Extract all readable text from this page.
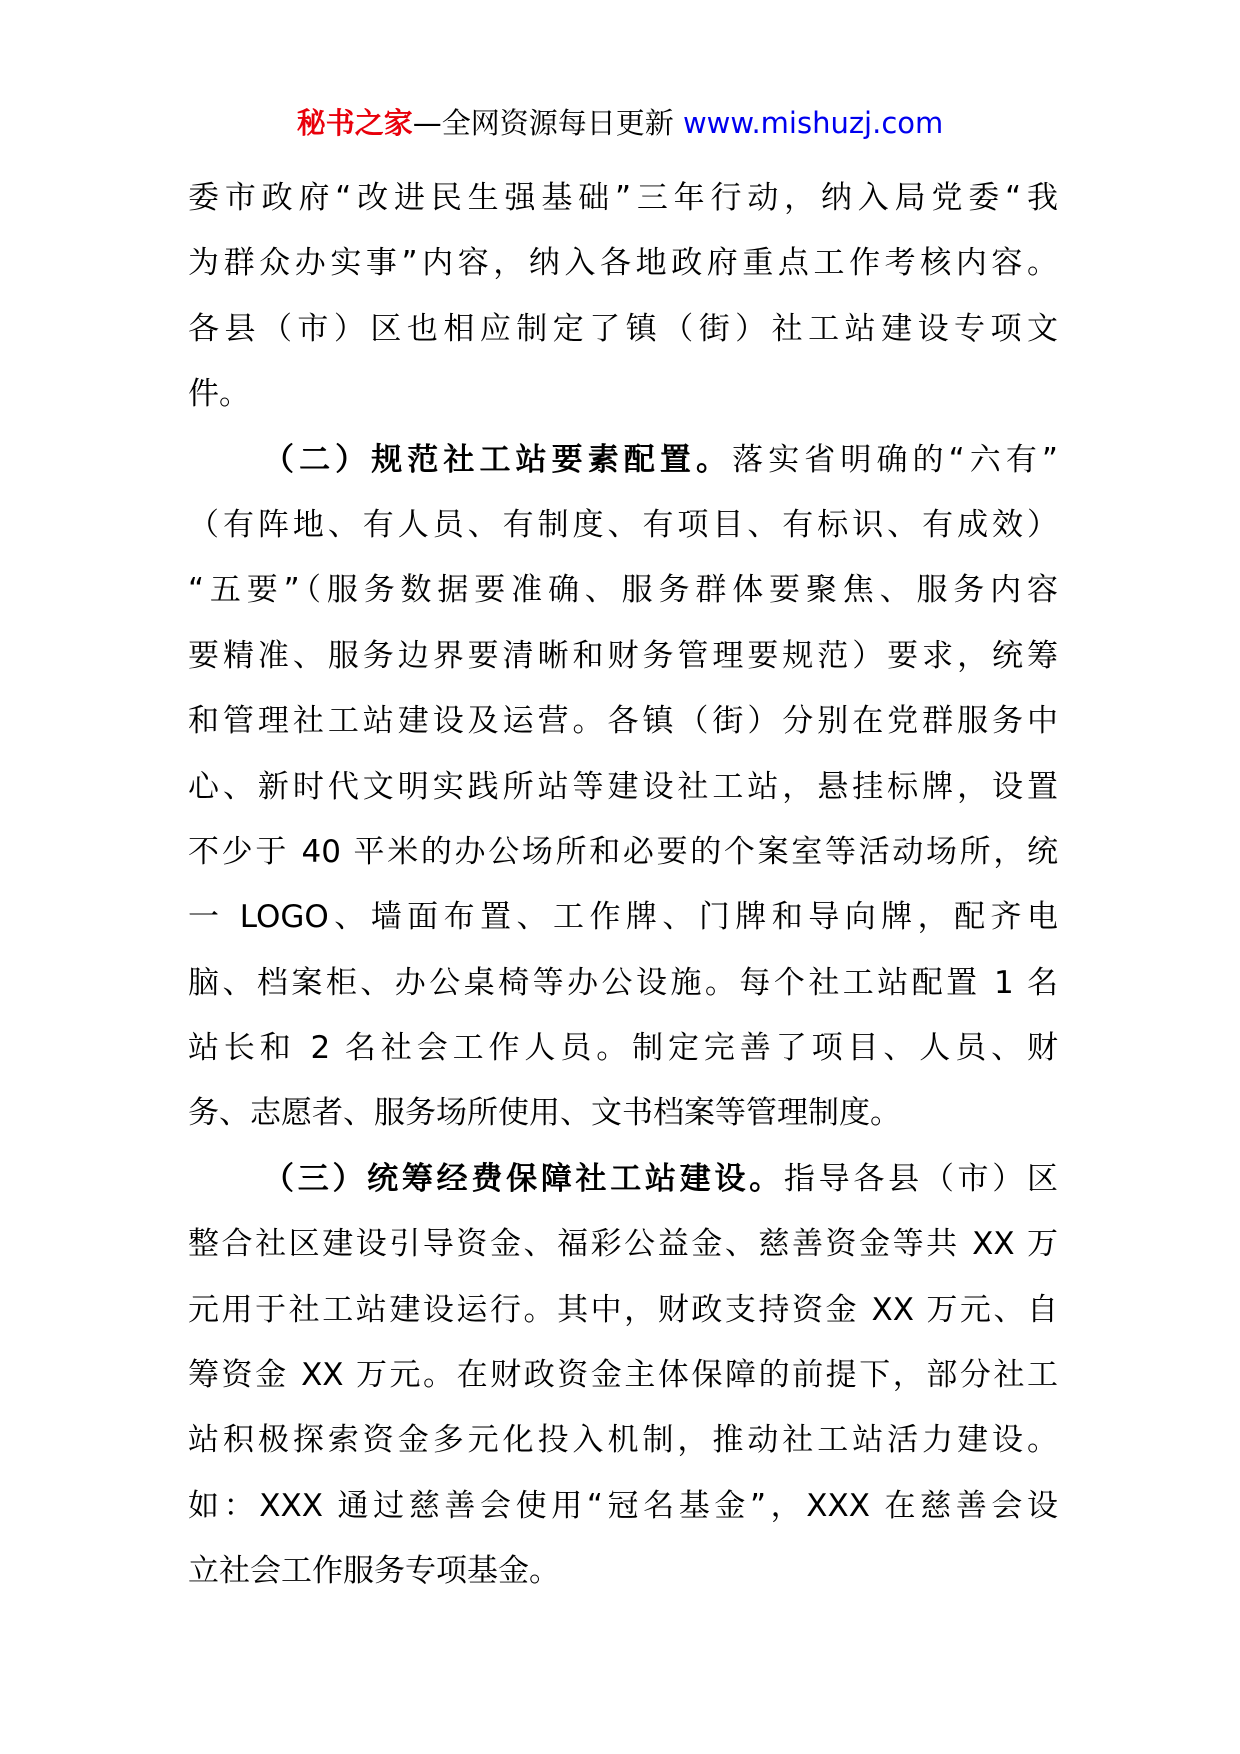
秘书之家—全网资源每日更新 www.mishuzj.com
委市政府“改进民生强基础”三年行动，纳入局党委“我
为群众办实事”内容，纳入各地政府重点工作考核内容。
各县（市）区也相应制定了镇（街）社工站建设专项文
件。
（二）规范社工站要素配置。落实省明确的“六有”
（有阵地、有人员、有制度、有项目、有标识、有成效）
“五要”（服务数据要准确、服务群体要聚焦、服务内容
要精准、服务边界要清晰和财务管理要规范）要求，统筹
和管理社工站建设及运营。各镇（街）分别在党群服务中
心、新时代文明实践所站等建设社工站，悬挂标牌，设置
不少于 40 平米的办公场所和必要的个案室等活动场所，统
一 LOGO、墙面布置、工作牌、门牌和导向牌，配齐电
脑、档案柜、办公桌椅等办公设施。每个社工站配置 1 名
站长和 2 名社会工作人员。制定完善了项目、人员、财
务、志愿者、服务场所使用、文书档案等管理制度。
（三）统筹经费保障社工站建设。指导各县（市）区
整合社区建设引导资金、福彩公益金、慈善资金等共 XX 万
元用于社工站建设运行。其中，财政支持资金 XX 万元、自
筹资金 XX 万元。在财政资金主体保障的前提下，部分社工
站积极探索资金多元化投入机制，推动社工站活力建设。
如：XXX 通过慈善会使用“冠名基金”，XXX 在慈善会设
立社会工作服务专项基金。
